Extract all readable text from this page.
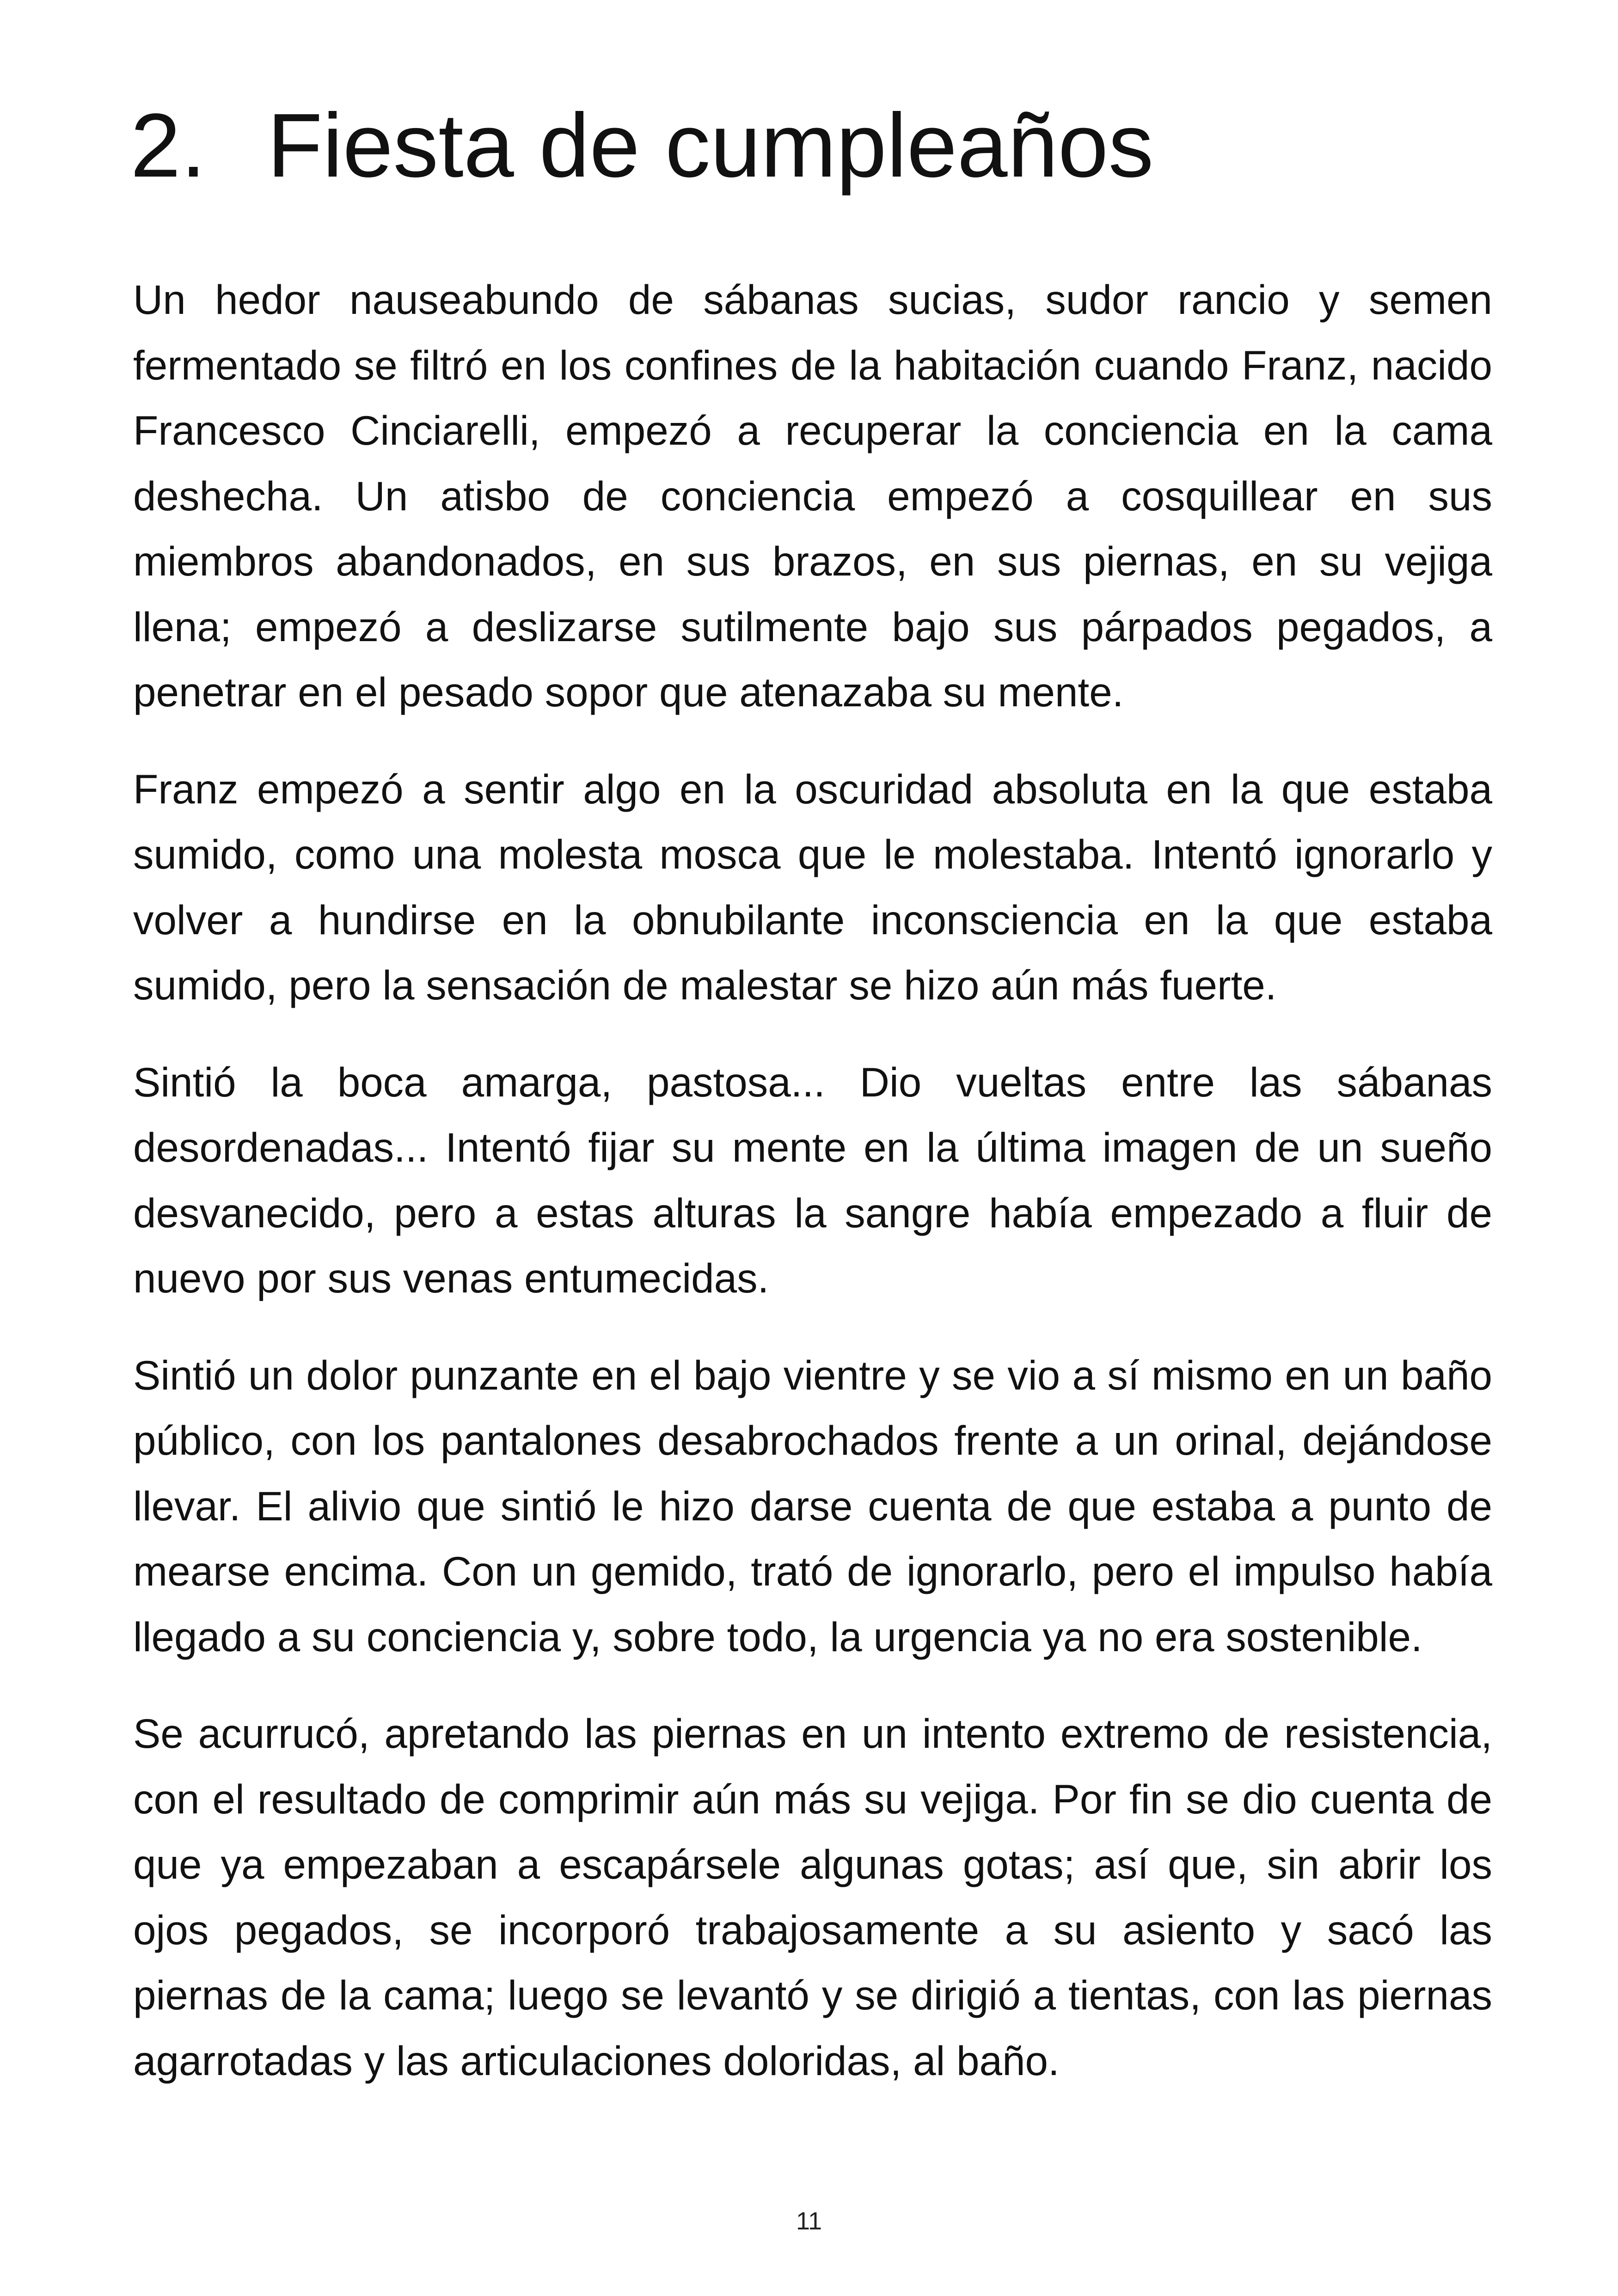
2. Fiesta de cumpleaños

Un hedor nauseabundo de sábanas sucias, sudor rancio y semen fermentado se filtró en los confines de la habitación cuando Franz, nacido Francesco Cinciarelli, empezó a recuperar la conciencia en la cama deshecha. Un atisbo de conciencia empezó a cosquillear en sus miembros abandonados, en sus brazos, en sus piernas, en su vejiga llena; empezó a deslizarse sutilmente bajo sus párpados pegados, a penetrar en el pesado sopor que atenazaba su mente.

Franz empezó a sentir algo en la oscuridad absoluta en la que estaba sumido, como una molesta mosca que le molestaba. Intentó ignorarlo y volver a hundirse en la obnubilante inconsciencia en la que estaba sumido, pero la sensación de malestar se hizo aún más fuerte.

Sintió la boca amarga, pastosa... Dio vueltas entre las sábanas desordenadas... Intentó fijar su mente en la última imagen de un sueño desvanecido, pero a estas alturas la sangre había empezado a fluir de nuevo por sus venas entumecidas.

Sintió un dolor punzante en el bajo vientre y se vio a sí mismo en un baño público, con los pantalones desabrochados frente a un orinal, dejándose llevar. El alivio que sintió le hizo darse cuenta de que estaba a punto de mearse encima. Con un gemido, trató de ignorarlo, pero el impulso había llegado a su conciencia y, sobre todo, la urgencia ya no era sostenible.

Se acurrucó, apretando las piernas en un intento extremo de resistencia, con el resultado de comprimir aún más su vejiga. Por fin se dio cuenta de que ya empezaban a escapársele algunas gotas; así que, sin abrir los ojos pegados, se incorporó trabajosamente a su asiento y sacó las piernas de la cama; luego se levantó y se dirigió a tientas, con las piernas agarrotadas y las articulaciones doloridas, al baño.

11
